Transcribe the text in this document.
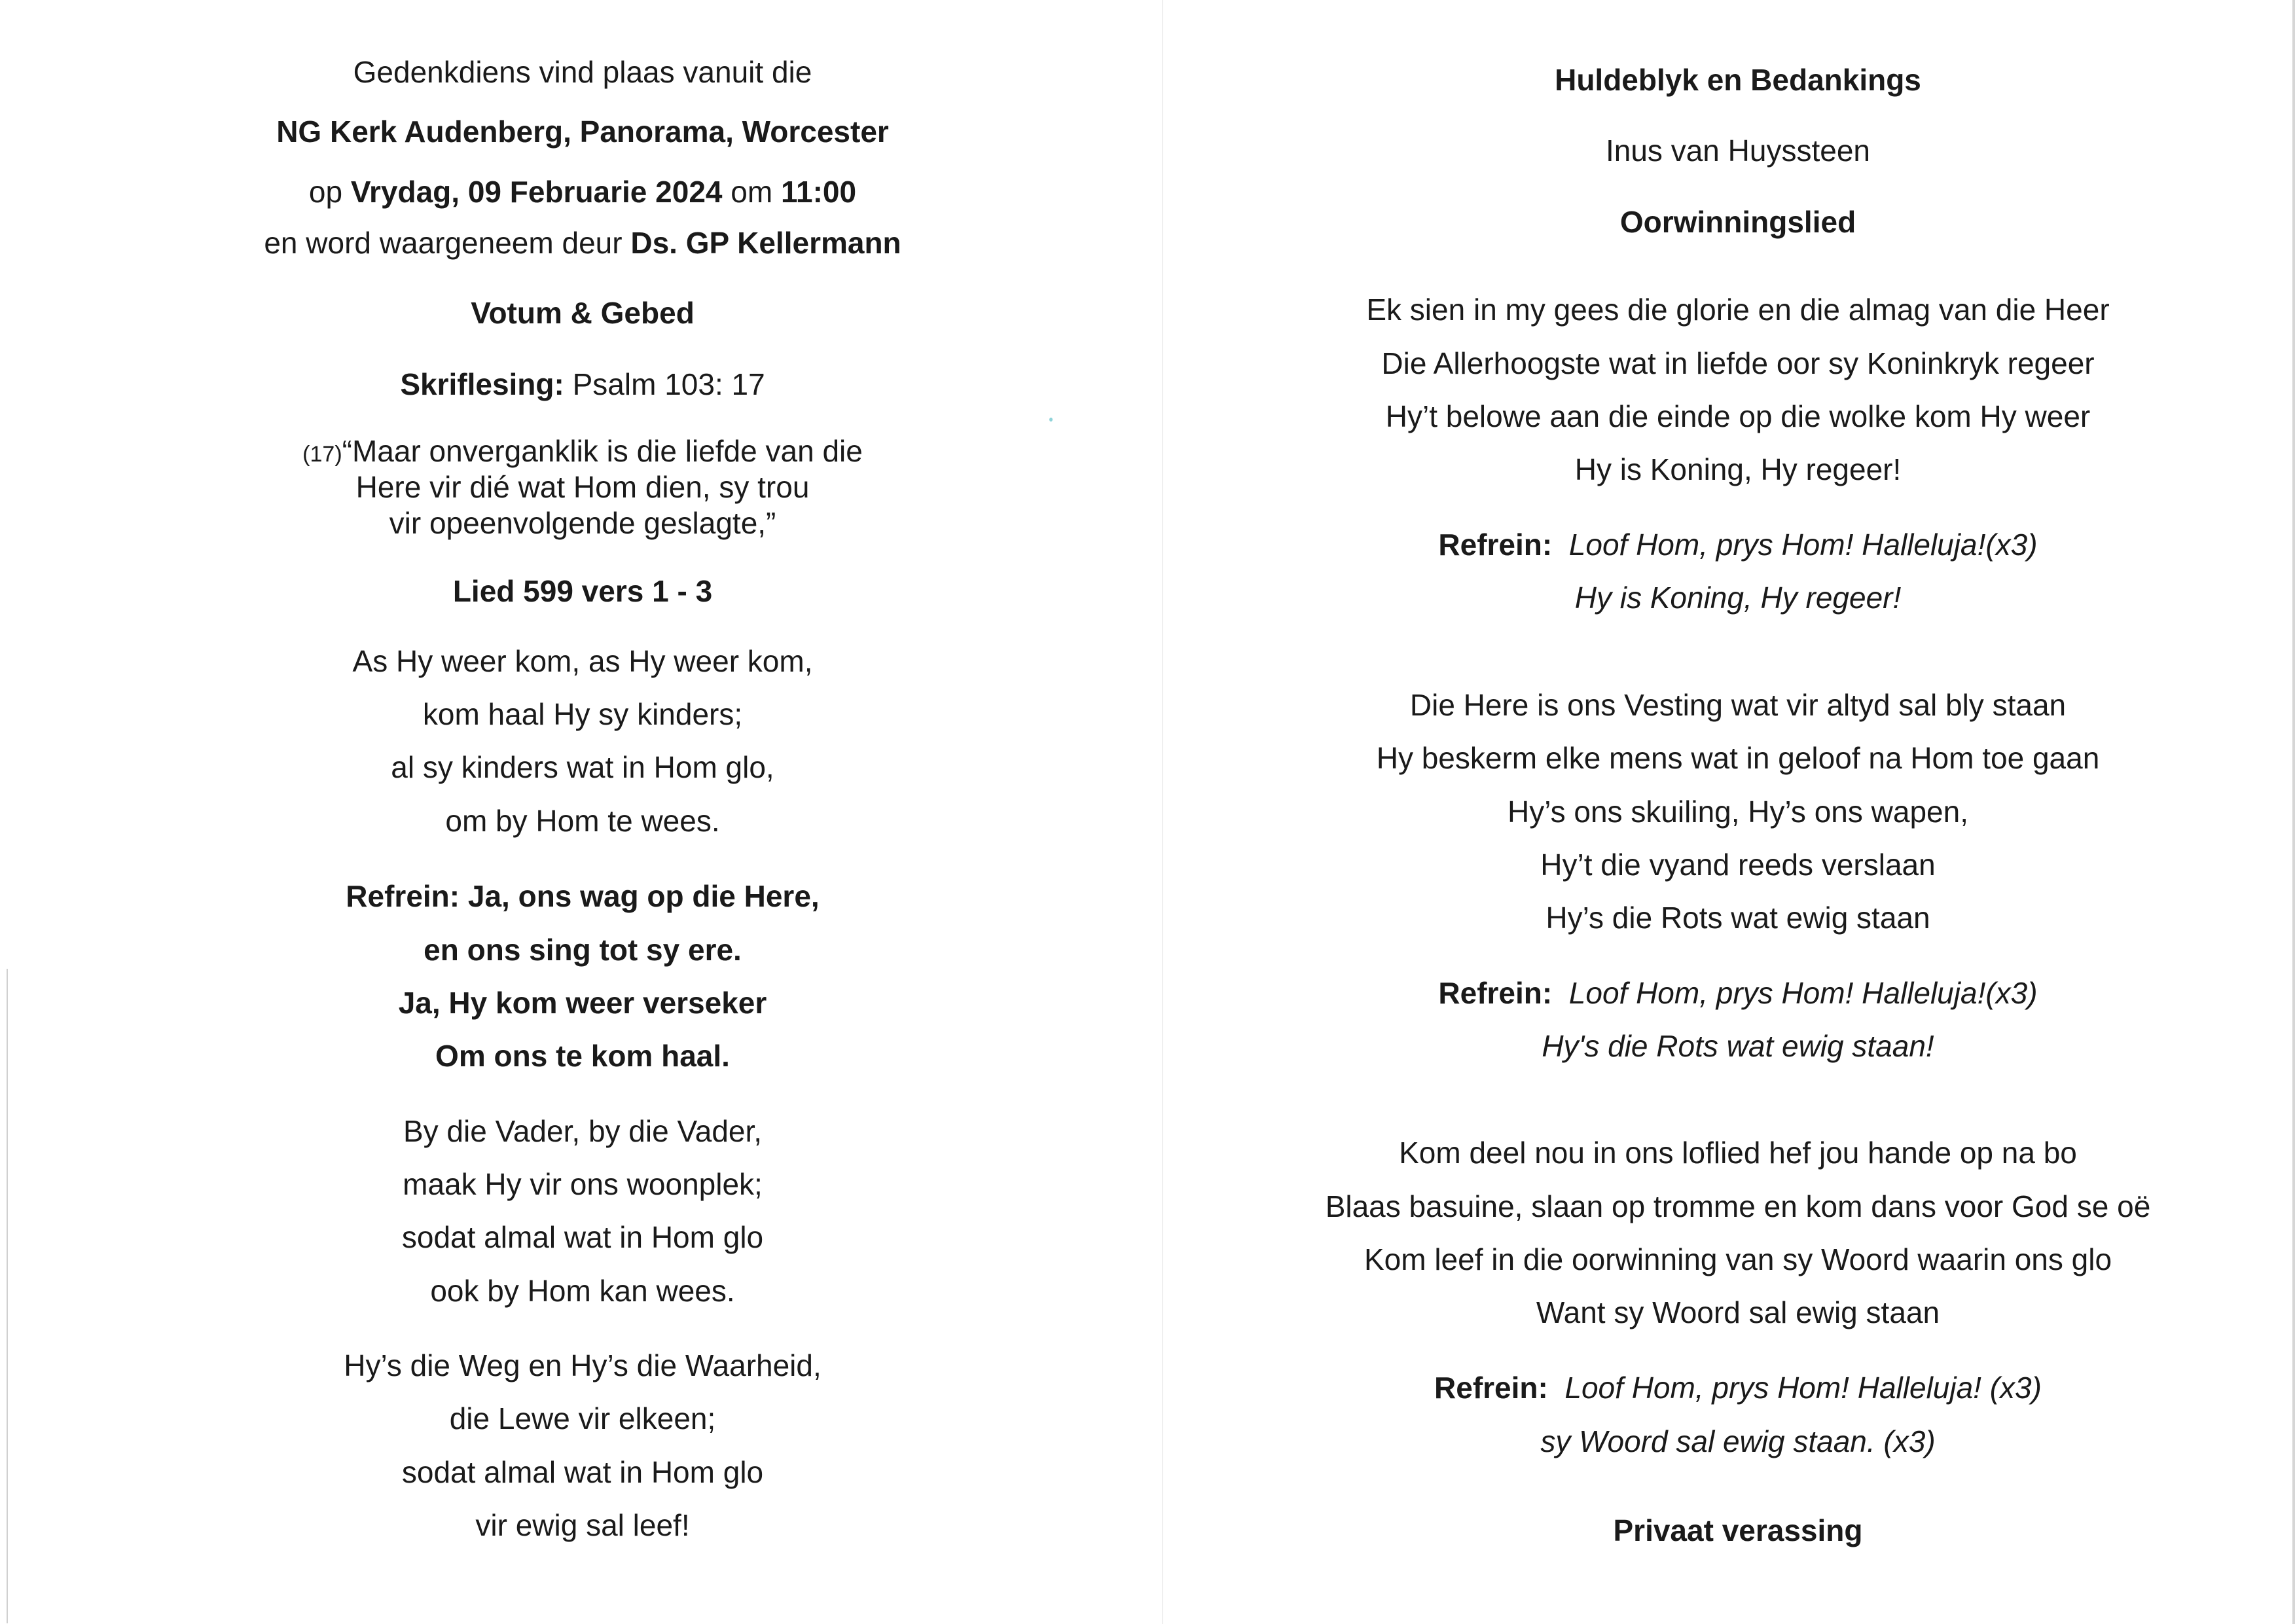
Gedenkdiens vind plaas vanuit die
NG Kerk Audenberg, Panorama, Worcester
op Vrydag, 09 Februarie 2024 om 11:00
en word waargeneem deur Ds. GP Kellermann
Votum & Gebed
Skriflesing: Psalm 103: 17
(17)“Maar onverganklik is die liefde van die
Here vir dié wat Hom dien, sy trou
vir opeenvolgende geslagte,”
Lied 599 vers 1 - 3
As Hy weer kom, as Hy weer kom,
kom haal Hy sy kinders;
al sy kinders wat in Hom glo,
om by Hom te wees.
Refrein: Ja, ons wag op die Here,
en ons sing tot sy ere.
Ja, Hy kom weer verseker
Om ons te kom haal.
By die Vader, by die Vader,
maak Hy vir ons woonplek;
sodat almal wat in Hom glo
ook by Hom kan wees.
Hy’s die Weg en Hy’s die Waarheid,
die Lewe vir elkeen;
sodat almal wat in Hom glo
vir ewig sal leef!
Huldeblyk en Bedankings
Inus van Huyssteen
Oorwinningslied
Ek sien in my gees die glorie en die almag van die Heer
Die Allerhoogste wat in liefde oor sy Koninkryk regeer
Hy’t belowe aan die einde op die wolke kom Hy weer
Hy is Koning, Hy regeer!
Refrein: Loof Hom, prys Hom! Halleluja!(x3)
Hy is Koning, Hy regeer!
Die Here is ons Vesting wat vir altyd sal bly staan
Hy beskerm elke mens wat in geloof na Hom toe gaan
Hy’s ons skuiling, Hy’s ons wapen,
Hy’t die vyand reeds verslaan
Hy’s die Rots wat ewig staan
Refrein: Loof Hom, prys Hom! Halleluja!(x3)
Hy's die Rots wat ewig staan!
Kom deel nou in ons loflied hef jou hande op na bo
Blaas basuine, slaan op tromme en kom dans voor God se oë
Kom leef in die oorwinning van sy Woord waarin ons glo
Want sy Woord sal ewig staan
Refrein: Loof Hom, prys Hom! Halleluja! (x3)
sy Woord sal ewig staan. (x3)
Privaat verassing
